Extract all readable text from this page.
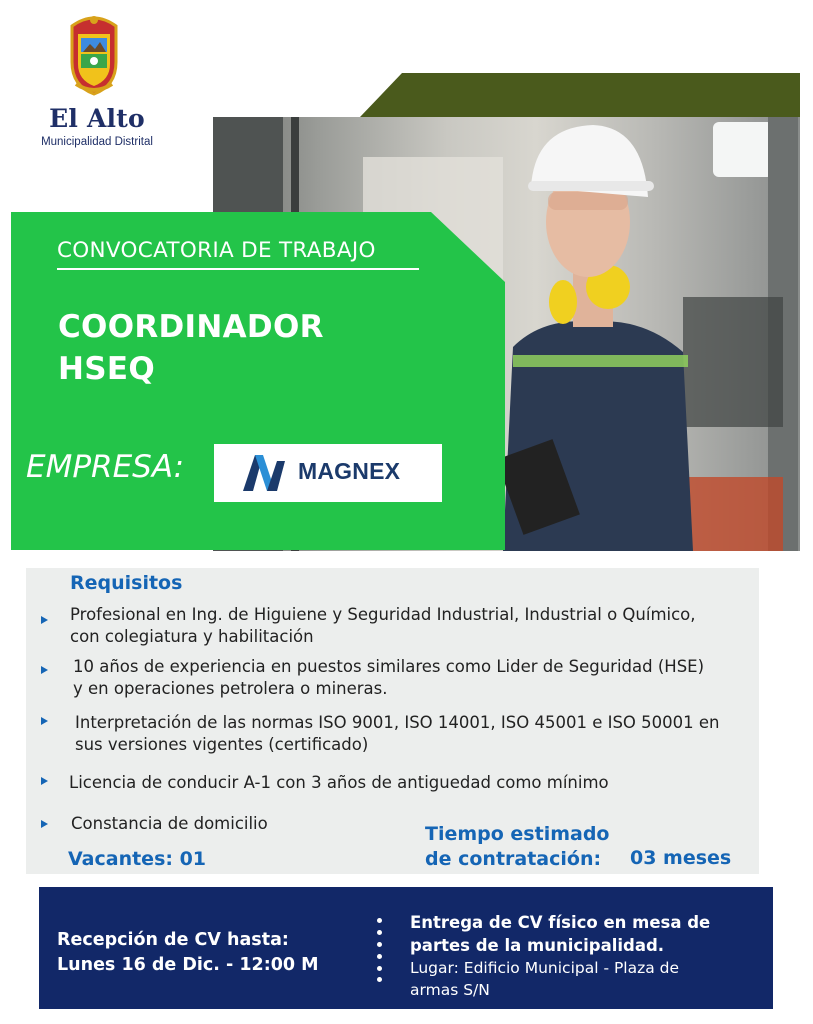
El Alto
Municipalidad Distrital
CONVOCATORIA DE TRABAJO
COORDINADOR
HSEQ
EMPRESA:	MAGNEX
Requisitos
Profesional en Ing. de Higuiene y Seguridad Industrial, Industrial o Químico,
con colegiatura y habilitación
10 años de experiencia en puestos similares como Lider de Seguridad (HSE)
y en operaciones petrolera o mineras.
Interpretación de las normas ISO 9001, ISO 14001, ISO 45001 e ISO 50001 en
sus versiones vigentes (certificado)
Licencia de conducir A-1 con 3 años de antiguedad como mínimo
Constancia de domicilio
Vacantes: 01
Tiempo estimado
de contratación:	03 meses
Recepción de CV hasta:
Lunes 16 de Dic. - 12:00 M
Entrega de CV físico en mesa de
partes de la municipalidad.
Lugar: Edificio Municipal - Plaza de
armas S/N
